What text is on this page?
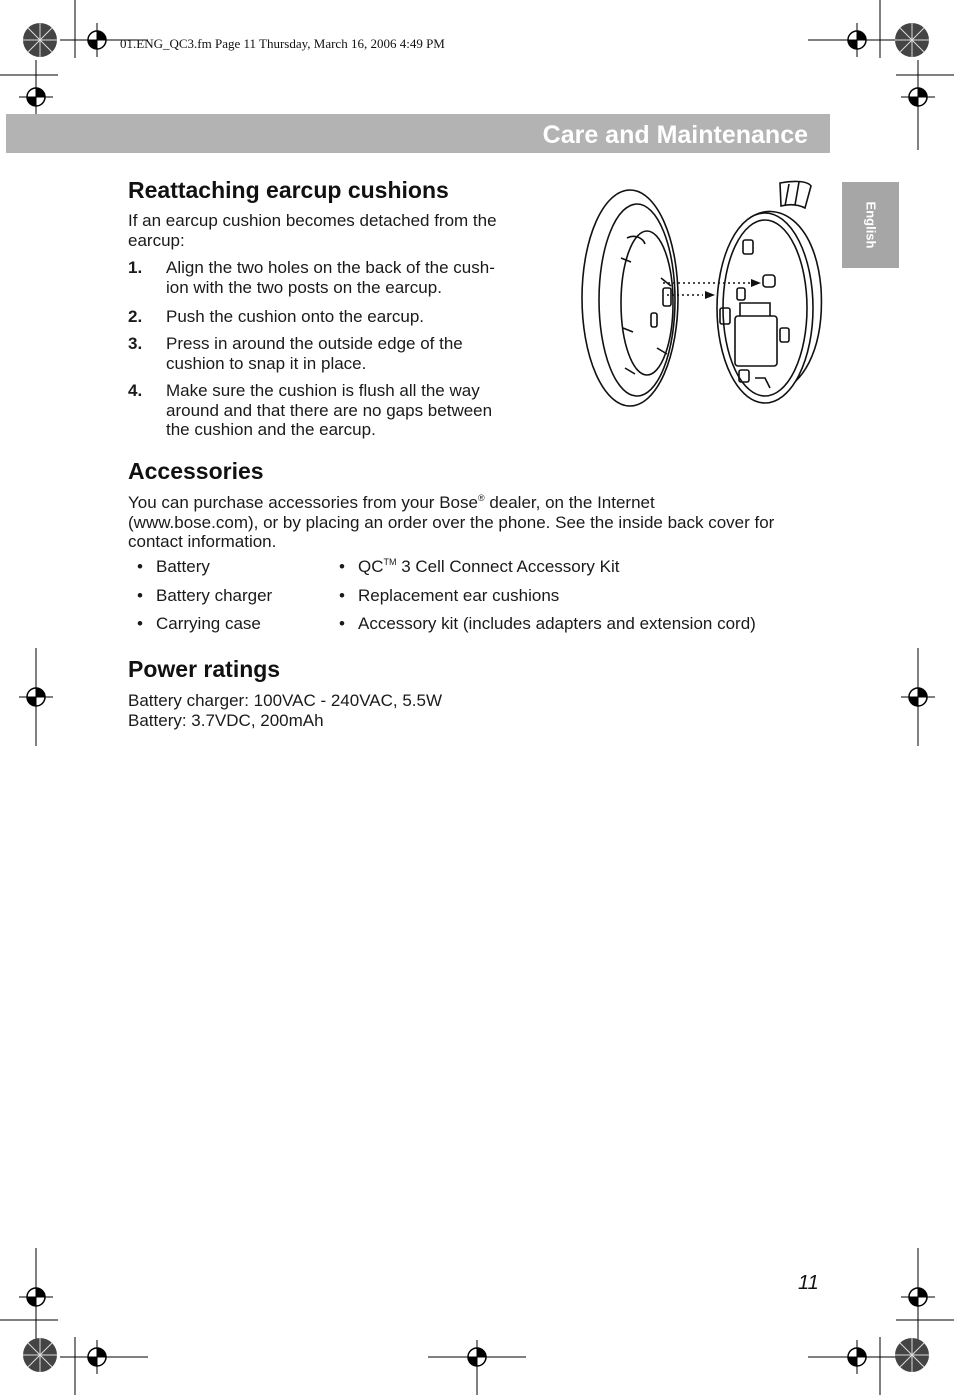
01.ENG_QC3.fm Page 11 Thursday, March 16, 2006 4:49 PM
Care and Maintenance
English
Reattaching earcup cushions
If an earcup cushion becomes detached from the
earcup:
1. Align the two holes on the back of the cush-
ion with the two posts on the earcup.
2. Push the cushion onto the earcup.
3. Press in around the outside edge of the
cushion to snap it in place.
4. Make sure the cushion is flush all the way
around and that there are no gaps between
the cushion and the earcup.
Accessories
You can purchase accessories from your Bose® dealer, on the Internet
(www.bose.com), or by placing an order over the phone. See the inside back cover for
contact information.
• Battery
• Battery charger
• Carrying case
• QC™ 3 Cell Connect Accessory Kit
• Replacement ear cushions
• Accessory kit (includes adapters and extension cord)
Power ratings
Battery charger: 100VAC - 240VAC, 5.5W
Battery: 3.7VDC, 200mAh
11
